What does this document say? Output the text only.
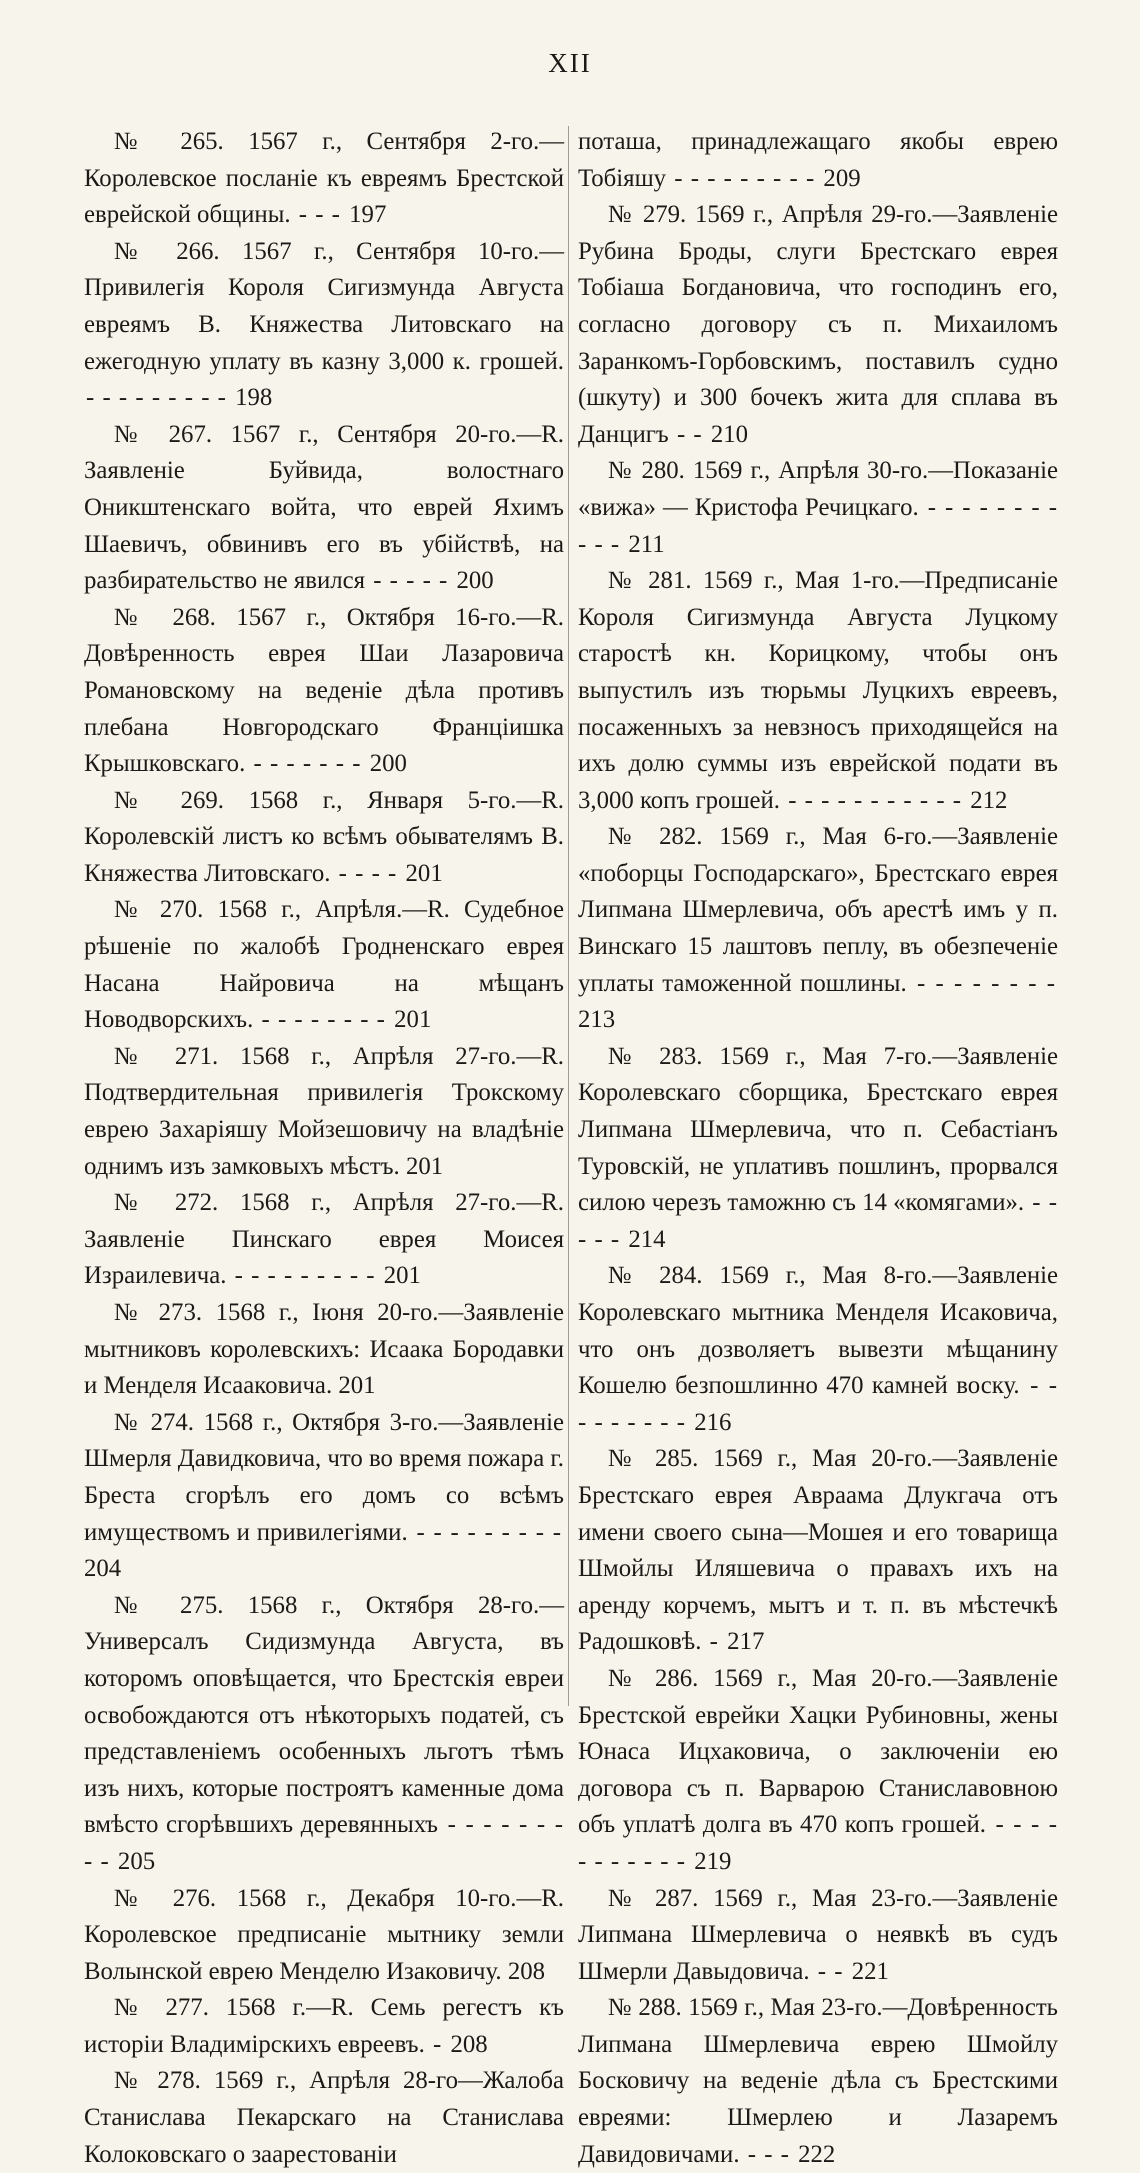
XII

№ 265. 1567 г., Сентября 2-го.—Королевское посланіе къ евреямъ Брестской еврейской общины. - - - 197

№ 266. 1567 г., Сентября 10-го.—Привилегія Короля Сигизмунда Августа евреямъ В. Княжества Литовскаго на ежегодную уплату въ казну 3,000 к. грошей. - - - - - - - - - 198

№ 267. 1567 г., Сентября 20-го.—R. Заявленіе Буйвида, волостнаго Оникштенскаго войта, что еврей Яхимъ Шаевичъ, обвинивъ его въ убійствѣ, на разбирательство не явился - - - - - 200

№ 268. 1567 г., Октября 16-го.—R. Довѣренность еврея Шаи Лазаровича Романовскому на веденіе дѣла противъ плебана Новгородскаго Франціишка Крышковскаго. - - - - - - - 200

№ 269. 1568 г., Января 5-го.—R. Королевскій листъ ко всѣмъ обывателямъ В. Княжества Литовскаго. - - - - 201

№ 270. 1568 г., Апрѣля.—R. Судебное рѣшеніе по жалобѣ Гродненскаго еврея Насана Найровича на мѣщанъ Новодворскихъ. - - - - - - - - 201

№ 271. 1568 г., Апрѣля 27-го.—R. Подтвердительная привилегія Трокскому еврею Захаріяшу Мойзешовичу на владѣніе однимъ изъ замковыхъ мѣстъ. 201

№ 272. 1568 г., Апрѣля 27-го.—R. Заявленіе Пинскаго еврея Моисея Израилевича. - - - - - - - - - 201

№ 273. 1568 г., Іюня 20-го.—Заявленіе мытниковъ королевскихъ: Исаака Бородавки и Менделя Исааковича. 201

№ 274. 1568 г., Октября 3-го.—Заявленіе Шмерля Давидковича, что во время пожара г. Бреста сгорѣлъ его домъ со всѣмъ имуществомъ и привилегіями. - - - - - - - - - 204

№ 275. 1568 г., Октября 28-го.—Универсалъ Сидизмунда Августа, въ которомъ оповѣщается, что Брестскія евреи освобождаются отъ нѣкоторыхъ податей, съ представленіемъ особенныхъ льготъ тѣмъ изъ нихъ, которые построятъ каменные дома вмѣсто сгорѣвшихъ деревянныхъ - - - - - - - - - 205

№ 276. 1568 г., Декабря 10-го.—R. Королевское предписаніе мытнику земли Волынской еврею Менделю Изаковичу. 208

№ 277. 1568 г.—R. Семь регестъ къ исторіи Владимірскихъ евреевъ. - 208

№ 278. 1569 г., Апрѣля 28-го—Жалоба Станислава Пекарскаго на Станислава Колоковскаго о заарестованіи

поташа, принадлежащаго якобы еврею Тобіяшу - - - - - - - - - 209

№ 279. 1569 г., Апрѣля 29-го.—Заявленіе Рубина Броды, слуги Брестскаго еврея Тобіаша Богдановича, что господинъ его, согласно договору съ п. Михаиломъ Заранкомъ-Горбовскимъ, поставилъ судно (шкуту) и 300 бочекъ жита для сплава въ Данцигъ - - 210

№ 280. 1569 г., Апрѣля 30-го.—Показаніе «вижа» — Кристофа Речицкаго. - - - - - - - - - - - 211

№ 281. 1569 г., Мая 1-го.—Предписаніе Короля Сигизмунда Августа Луцкому старостѣ кн. Корицкому, чтобы онъ выпустилъ изъ тюрьмы Луцкихъ евреевъ, посаженныхъ за невзносъ приходящейся на ихъ долю суммы изъ еврейской подати въ 3,000 копъ грошей. - - - - - - - - - - - 212

№ 282. 1569 г., Мая 6-го.—Заявленіе «поборцы Господарскаго», Брестскаго еврея Липмана Шмерлевича, объ арестѣ имъ у п. Винскаго 15 лаштовъ пеплу, въ обезпеченіе уплаты таможенной пошлины. - - - - - - - - 213

№ 283. 1569 г., Мая 7-го.—Заявленіе Королевскаго сборщика, Брестскаго еврея Липмана Шмерлевича, что п. Себастіанъ Туровскій, не уплативъ пошлинъ, прорвался силою черезъ таможню съ 14 «комягами». - - - - - 214

№ 284. 1569 г., Мая 8-го.—Заявленіе Королевскаго мытника Менделя Исаковича, что онъ дозволяетъ вывезти мѣщанину Кошелю безпошлинно 470 камней воску. - - - - - - - - - 216

№ 285. 1569 г., Мая 20-го.—Заявленіе Брестскаго еврея Авраама Длукгача отъ имени своего сына—Мошея и его товарища Шмойлы Иляшевича о правахъ ихъ на аренду корчемъ, мытъ и т. п. въ мѣстечкѣ Радошковѣ. - 217

№ 286. 1569 г., Мая 20-го.—Заявленіе Брестской еврейки Хацки Рубиновны, жены Юнаса Ицхаковича, о заключеніи ею договора съ п. Варварою Станиславовною объ уплатѣ долга въ 470 копъ грошей. - - - - - - - - - - - 219

№ 287. 1569 г., Мая 23-го.—Заявленіе Липмана Шмерлевича о неявкѣ въ судъ Шмерли Давыдовича. - - 221

№ 288. 1569 г., Мая 23-го.—Довѣренность Липмана Шмерлевича еврею Шмойлу Босковичу на веденіе дѣла съ Брестскими евреями: Шмерлею и Лазаремъ Давидовичами. - - - 222
